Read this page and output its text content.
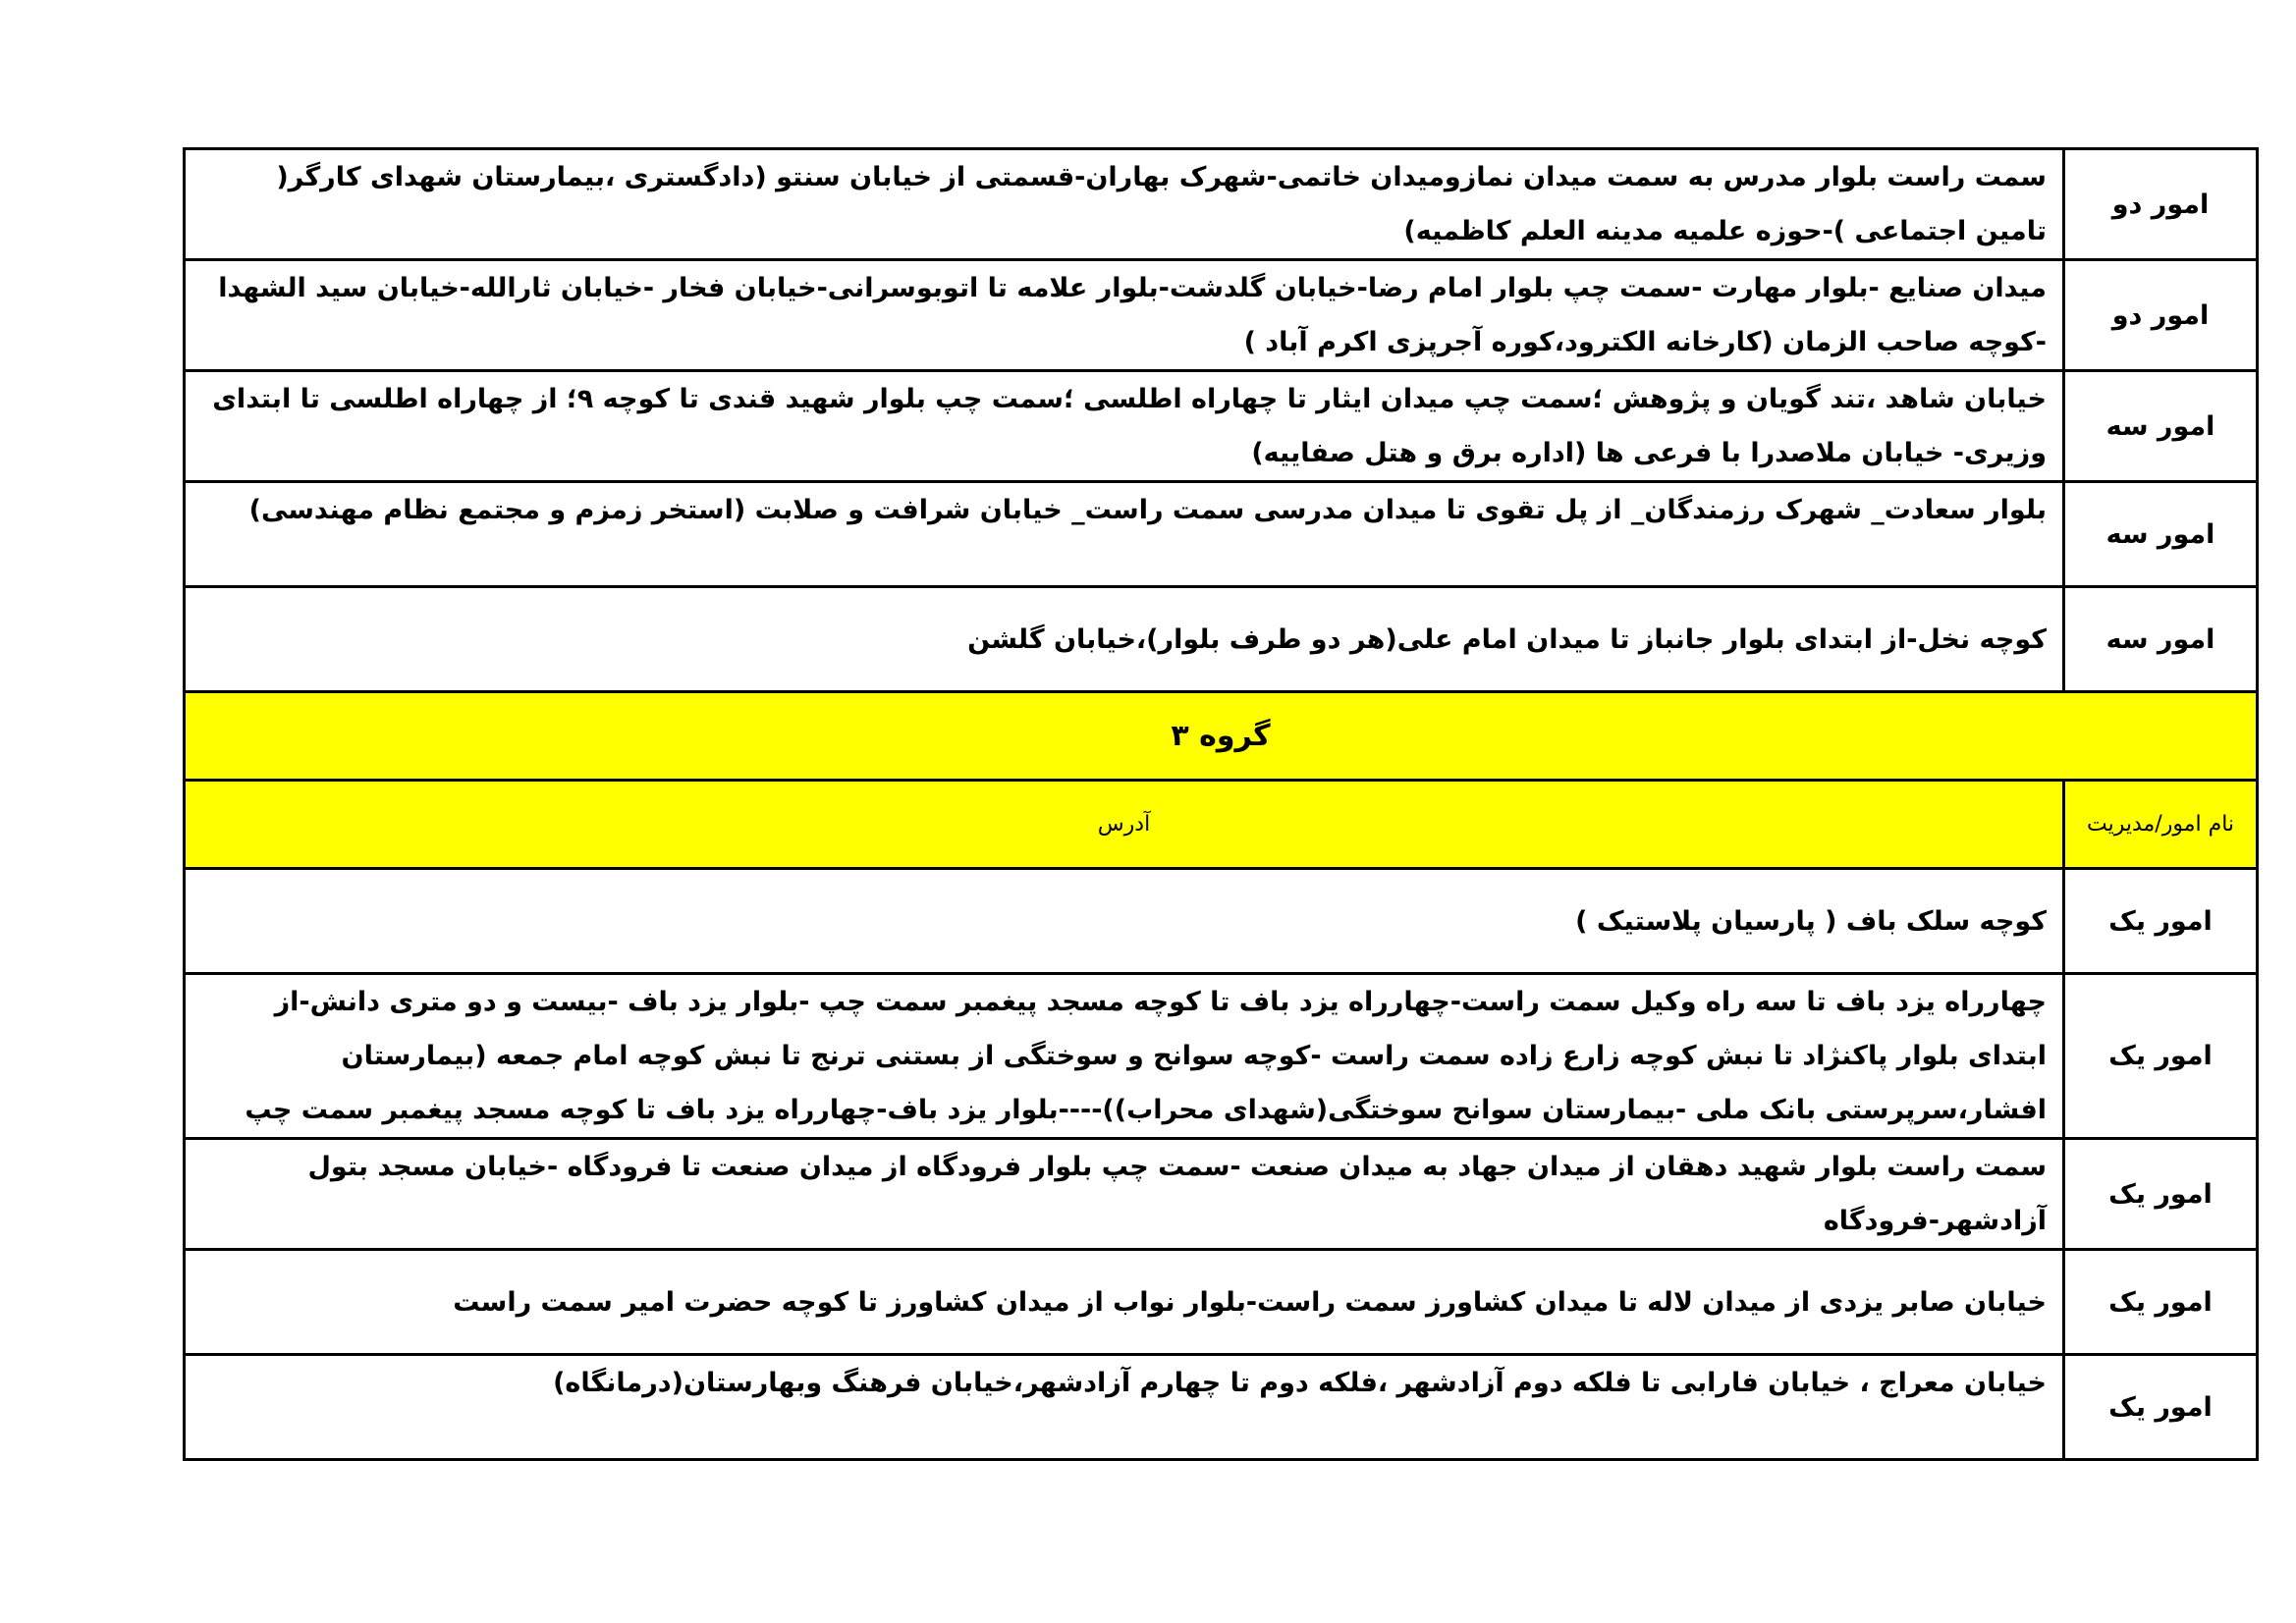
امور دو	سمت راست بلوار مدرس به سمت میدان نمازومیدان خاتمی-شهرک بهاران-قسمتی از خیابان سنتو (دادگستری ،بیمارستان شهدای کارگر( تامین اجتماعی )-حوزه علمیه مدینه العلم کاظمیه)
امور دو	میدان صنایع -بلوار مهارت -سمت چپ بلوار امام رضا-خیابان گلدشت-بلوار علامه تا اتوبوسرانی-خیابان فخار -خیابان ثارالله-خیابان سید الشهدا -کوچه صاحب الزمان (کارخانه الکترود،کوره آجرپزی اکرم آباد )
امور سه	خیابان شاهد ،تند گویان و پژوهش ؛سمت چپ میدان ایثار تا چهاراه اطلسی ؛سمت چپ بلوار شهید قندی تا کوچه ۹؛ از چهاراه اطلسی تا ابتدای وزیری- خیابان ملاصدرا با فرعی ها (اداره برق و هتل صفاییه)
امور سه	بلوار سعادت_ شهرک رزمندگان_ از پل تقوی تا میدان مدرسی سمت راست_ خیابان شرافت و صلابت (استخر زمزم و مجتمع نظام مهندسی)
امور سه	کوچه نخل-از ابتدای بلوار جانباز تا میدان امام علی(هر دو طرف بلوار)،خیابان گلشن
گروه ۳	
نام امور/مدیریت	آدرس
امور یک	کوچه سلک باف ( پارسیان پلاستیک )
امور یک	چهارراه یزد باف تا سه راه وکیل سمت راست-چهارراه یزد باف تا کوچه مسجد پیغمبر سمت چپ -بلوار یزد باف -بیست و دو متری دانش-از ابتدای بلوار پاکنژاد تا نبش کوچه زارع زاده سمت راست -کوچه سوانح و سوختگی از بستنی ترنج تا نبش کوچه امام جمعه (بیمارستان افشار،سرپرستی بانک ملی -بیمارستان سوانح سوختگی(شهدای محراب))----بلوار یزد باف-چهارراه یزد باف تا کوچه مسجد پیغمبر سمت چپ
امور یک	سمت راست بلوار شهید دهقان از میدان جهاد به میدان صنعت -سمت چپ بلوار فرودگاه از میدان صنعت تا فرودگاه -خیابان مسجد بتول آزادشهر-فرودگاه
امور یک	خیابان صابر یزدی از میدان لاله تا میدان کشاورز سمت راست-بلوار نواب از میدان کشاورز تا کوچه حضرت امیر سمت راست
امور یک	خیابان معراج ، خیابان فارابی تا فلکه دوم آزادشهر ،فلکه دوم تا چهارم آزادشهر،خیابان فرهنگ وبهارستان(درمانگاه)
